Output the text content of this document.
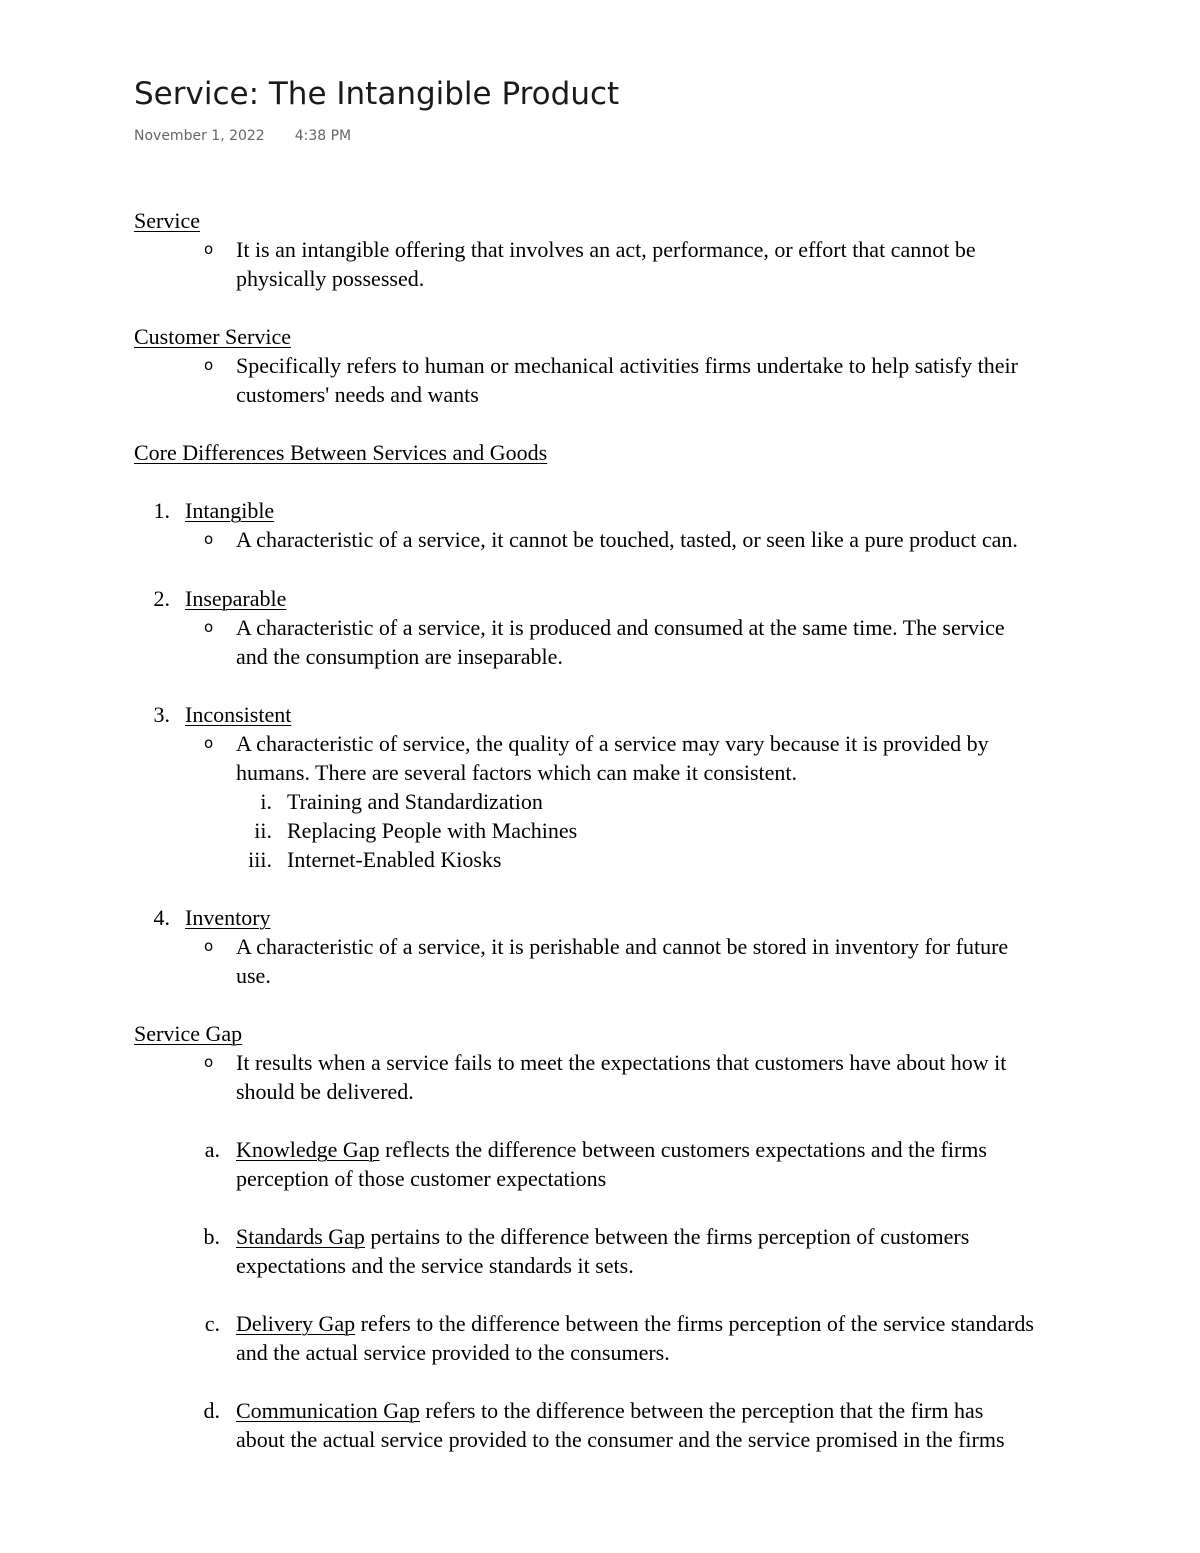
Service: The Intangible Product
November 1, 2022 4:38 PM
Service
o It is an intangible offering that involves an act, performance, or effort that cannot be
physically possessed.
Customer Service
o Specifically refers to human or mechanical activities firms undertake to help satisfy their
customers' needs and wants
Core Differences Between Services and Goods
1. Intangible
o A characteristic of a service, it cannot be touched, tasted, or seen like a pure product can.
2. Inseparable
o A characteristic of a service, it is produced and consumed at the same time. The service
and the consumption are inseparable.
3. Inconsistent
o A characteristic of service, the quality of a service may vary because it is provided by
humans. There are several factors which can make it consistent.
i. Training and Standardization
ii. Replacing People with Machines
iii. Internet-Enabled Kiosks
4. Inventory
o A characteristic of a service, it is perishable and cannot be stored in inventory for future
use.
Service Gap
o It results when a service fails to meet the expectations that customers have about how it
should be delivered.
a. Knowledge Gap reflects the difference between customers expectations and the firms
perception of those customer expectations
b. Standards Gap pertains to the difference between the firms perception of customers
expectations and the service standards it sets.
c. Delivery Gap refers to the difference between the firms perception of the service standards
and the actual service provided to the consumers.
d. Communication Gap refers to the difference between the perception that the firm has
about the actual service provided to the consumer and the service promised in the firms
